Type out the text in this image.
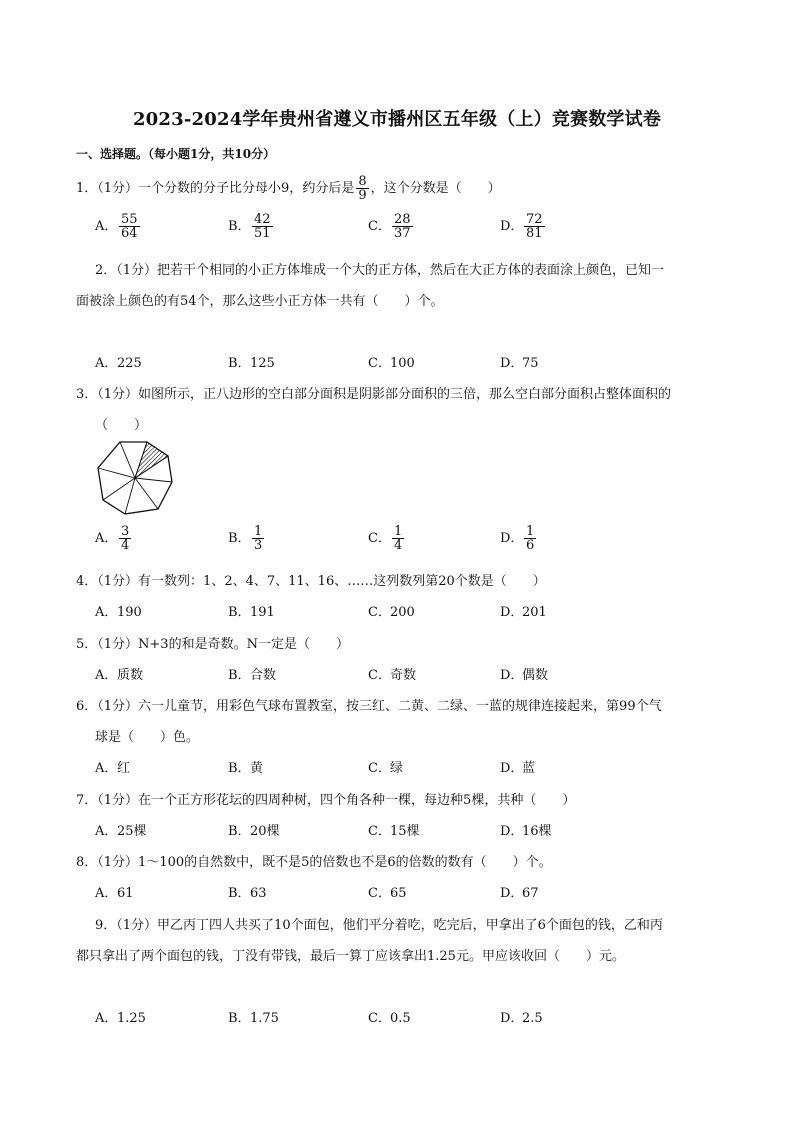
2023-2024学年贵州省遵义市播州区五年级（上）竞赛数学试卷
一、选择题。（每小题1分，共10分）
1．（1分）一个分数的分子比分母小9，约分后是 $\frac{8}{9}$ ，这个分数是（　　）
A． $\frac{55}{64}$	B． $\frac{42}{51}$	C． $\frac{28}{37}$	D． $\frac{72}{81}$
2．（1分）把若干个相同的小正方体堆成一个大的正方体，然后在大正方体的表面涂上颜色，已知一
面被涂上颜色的有54个，那么这些小正方体一共有（　　）个。
A．225	B．125	C．100	D．75
3．（1分）如图所示，正八边形的空白部分面积是阴影部分面积的三倍，那么空白部分面积占整体面积的
（　　）
A． $\frac{3}{4}$	B． $\frac{1}{3}$	C． $\frac{1}{4}$	D． $\frac{1}{6}$
4．（1分）有一数列：1、2、4、7、11、16、……这列数列第20个数是（　　）
A．190	B．191	C．200	D．201
5．（1分）N+3的和是奇数。N一定是（　　）
A．质数	B．合数	C．奇数	D．偶数
6．（1分）六一儿童节，用彩色气球布置教室，按三红、二黄、二绿、一蓝的规律连接起来，第99个气
球是（　　）色。
A．红	B．黄	C．绿	D．蓝
7．（1分）在一个正方形花坛的四周种树，四个角各种一棵，每边种5棵，共种（　　）
A．25棵	B．20棵	C．15棵	D．16棵
8．（1分）1～100的自然数中，既不是5的倍数也不是6的倍数的数有（　　）个。
A．61	B．63	C．65	D．67
9．（1分）甲乙丙丁四人共买了10个面包，他们平分着吃，吃完后，甲拿出了6个面包的钱，乙和丙
都只拿出了两个面包的钱，丁没有带钱，最后一算丁应该拿出1.25元。甲应该收回（　　）元。
A．1.25	B．1.75	C．0.5	D．2.5
